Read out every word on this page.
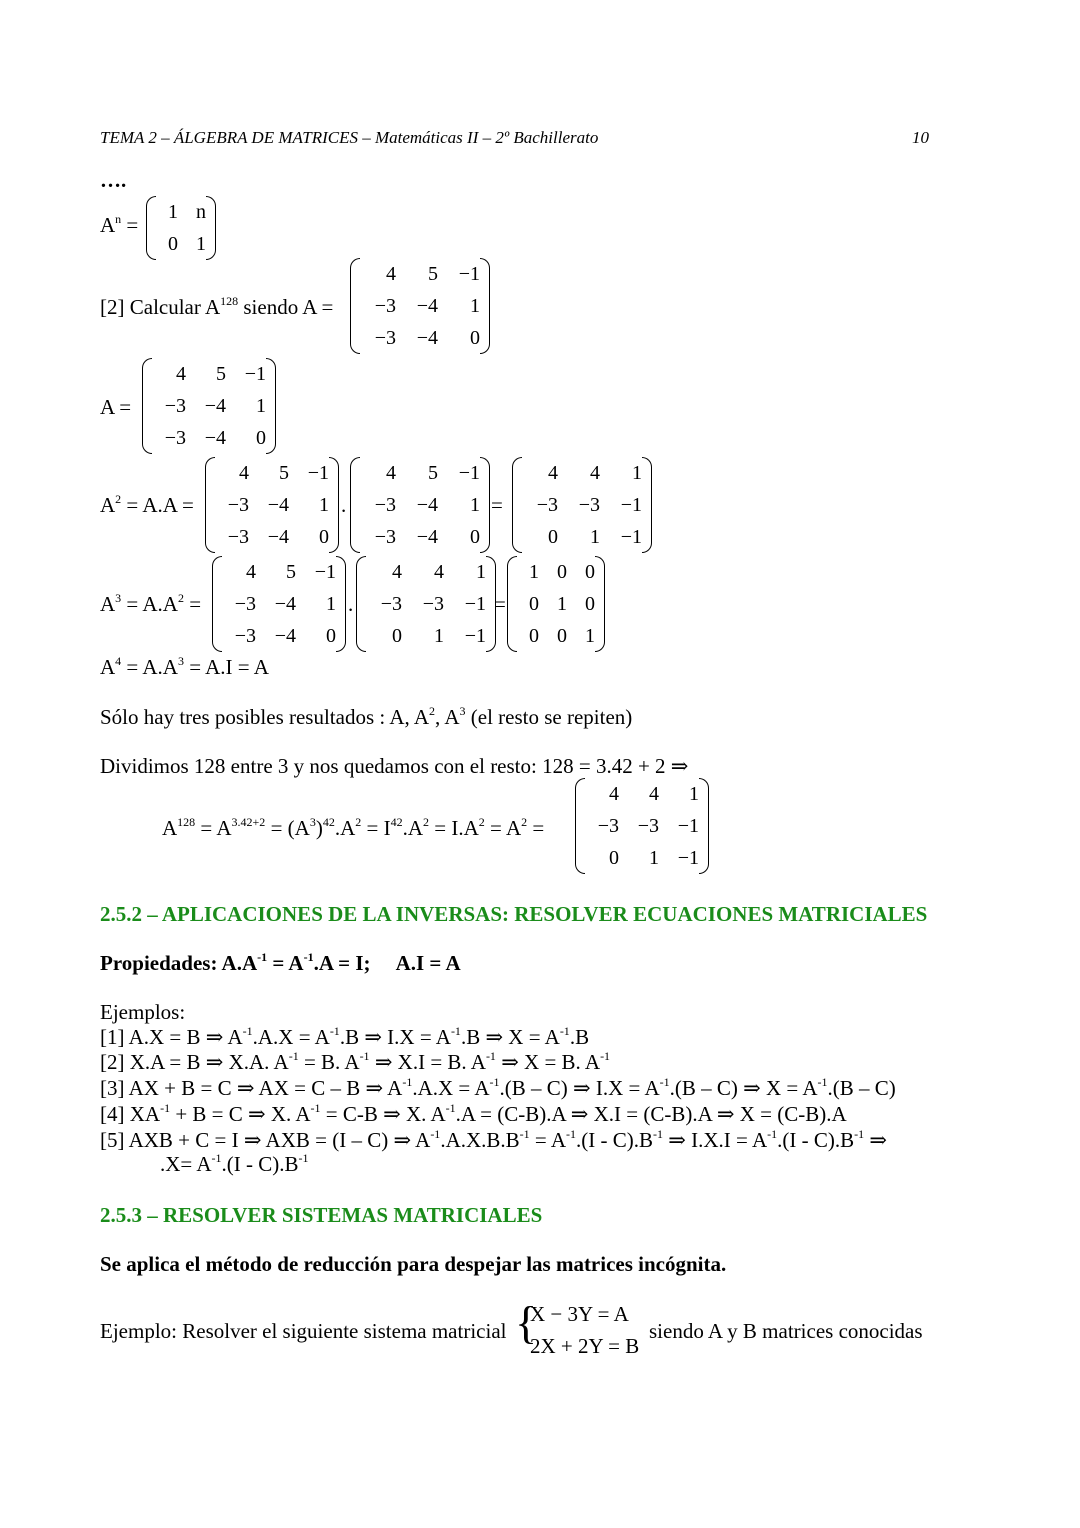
TEMA 2 – ÁLGEBRA DE MATRICES – Matemáticas II – 2º Bachillerato	10
….
$A^n$ =
1	n
0	1
[2] Calcular $A^{128}$ siendo A =
4	5	−1
−3	−4	1
−3	−4	0
A =
4	5	−1
−3	−4	1
−3	−4	0
$A^2 = A.A$ =
4	5	−1
−3	−4	1
−3	−4	0
.
4	5	−1
−3	−4	1
−3	−4	0
=
4	4	1
−3	−3	−1
0	1	−1
$A^3 = A.A^2$ =
4	5	−1
−3	−4	1
−3	−4	0
.
4	4	1
−3	−3	−1
0	1	−1
=
1	0	0
0	1	0
0	0	1
$A^4 = A.A^3 = A.I = A$
Sólo hay tres posibles resultados : A, $A^2$, $A^3$ (el resto se repiten)
Dividimos 128 entre 3 y nos quedamos con el resto: 128 = 3.42 + 2 ⇒
$A^{128} = A^{3.42+2} = (A^3)^{42}.A^2 = I^{42}.A^2 = I.A^2 = A^2$ =
4	4	1
−3	−3	−1
0	1	−1
2.5.2 – APLICACIONES DE LA INVERSAS: RESOLVER ECUACIONES MATRICIALES
Propiedades: $A.A^{-1} = A^{-1}.A = I$;     A.I = A
Ejemplos:
[1] A.X = B ⇒ $A^{-1}.A.X = A^{-1}.B$ ⇒ $I.X = A^{-1}.B$ ⇒ $X = A^{-1}.B$
[2] X.A = B ⇒ X.A. $A^{-1} = B$. $A^{-1}$ ⇒ X.I = B. $A^{-1}$ ⇒ X = B. $A^{-1}$
[3] AX + B = C ⇒ AX = C – B ⇒ $A^{-1}.A.X = A^{-1}.(B - C)$ ⇒ $I.X = A^{-1}.(B - C)$ ⇒ $X = A^{-1}.(B - C)$
[4] $XA^{-1} + B = C$ ⇒ X. $A^{-1} = C-B$ ⇒ X. $A^{-1}.A = (C-B).A$ ⇒ X.I = (C-B).A ⇒ X = (C-B).A
[5] AXB + C = I ⇒ AXB = (I – C) ⇒ $A^{-1}.A.X.B.B^{-1} = A^{-1}.(I - C).B^{-1}$ ⇒ $I.X.I = A^{-1}.(I - C).B^{-1}$ ⇒
$.X= A^{-1}.(I - C).B^{-1}$
2.5.3 – RESOLVER SISTEMAS MATRICIALES
Se aplica el método de reducción para despejar las matrices incógnita.
Ejemplo: Resolver el siguiente sistema matricial {
X − 3Y = A
2X + 2Y = B
siendo A y B matrices conocidas
